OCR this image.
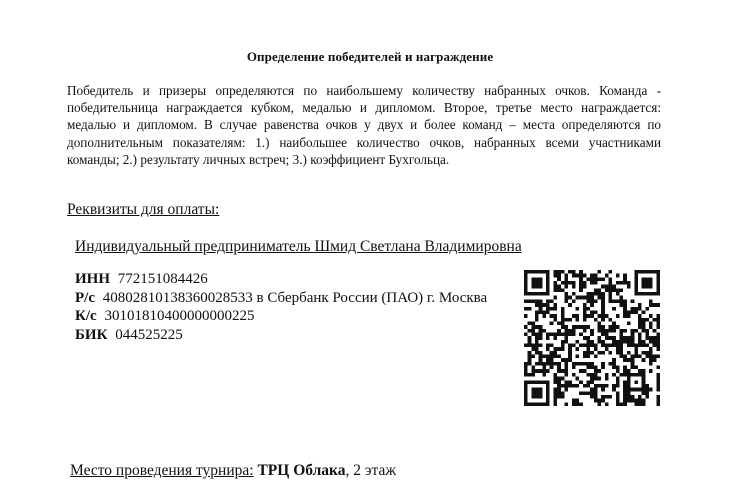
Определение победителей и награждение
Победитель и призеры определяются по наибольшему количеству набранных очков. Команда - победительница награждается кубком, медалью и дипломом. Второе, третье место награждается: медалью и дипломом. В случае равенства очков у двух и более команд – места определяются по дополнительным показателям: 1.) наибольшее количество очков, набранных всеми участниками команды; 2.) результату личных встреч; 3.) коэффициент Бухгольца.
Реквизиты для оплаты:
Индивидуальный предприниматель Шмид Светлана Владимировна
ИНН 772151084426
Р/с 40802810138360028533 в Сбербанк России (ПАО) г. Москва
К/с 30101810400000000225
БИК 044525225
Место проведения турнира: ТРЦ Облака, 2 этаж
